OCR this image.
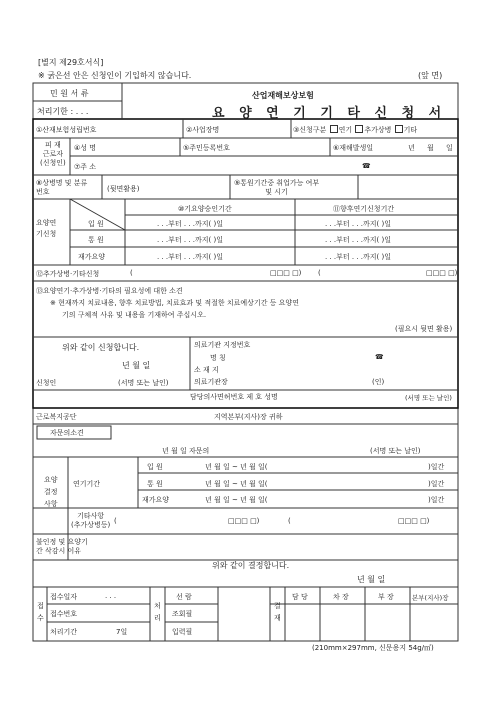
[별지 제29호서식]
※ 굵은선 안은 신청인이 기입하지 않습니다.	(앞 면)
민 원 서 류
처리기한 : . . .
산업재해보상보험
요 양 연 기 기 타 신 청 서
①산재보험성립번호	②사업장명	③신청구분 연기 추가상병 기타
피 재
근로자
(신청인)
④성 명	⑤주민등록번호	⑥재해발생일	년 월 일
⑦주 소	☎
⑧상병명 및 분류
번호	(뒷면활용)
⑨통원기간중 취업가능 여부
및 시기
⑩기요양승인기간	⑪향후연기신청기간
요양연
기신청
입 원	. . .부터 . . .까지( )일	. . .부터 . . .까지( )일
통 원	. . .부터 . . .까지( )일	. . .부터 . . .까지( )일
재가요양	. . .부터 . . .까지( )일	. . .부터 . . .까지( )일
⑫추가상병·기타신청	(	□□□ □) (	□□□ □)
⑬요양연기·추가상병·기타의 필요성에 대한 소견
※ 현재까지 치료내용, 향후 치료방법, 치료효과 및 적절한 치료예상기간 등 요양연
기의 구체적 사유 및 내용을 기재하여 주십시오.
(필요시 뒷면 활용)
위와 같이 신청합니다.
년 월 일
신청인	(서명 또는 날인)
의료기관 지정번호
명 칭	☎
소 재 지
의료기관장	(인)
담당의사면허번호 제 호 성명	(서명 또는 날인)
근로복지공단	지역본부(지사)장 귀하
자문의소견
년 월 일 자문의	(서명 또는 날인)
요양
결정
사항
연기기간
입 원	년 월 일 ~ 년 월 일(	)일간
통 원	년 월 일 ~ 년 월 일(	)일간
재가요양	년 월 일 ~ 년 월 일(	)일간
기타사항
(추가상병등) (	□□□ □)	(	□□□ □)
불인정 및 요양기
간 삭감시 이유
위와 같이 결정합니다.
년 월 일
접
수
접수일자	. . .
접수번호
처리기간	7일
처
리
선 람
조회필
입력필
결
재
담 당	차 장	부 장	본부(지사)장
(210mm×297mm, 신문용지 54g/㎡)
